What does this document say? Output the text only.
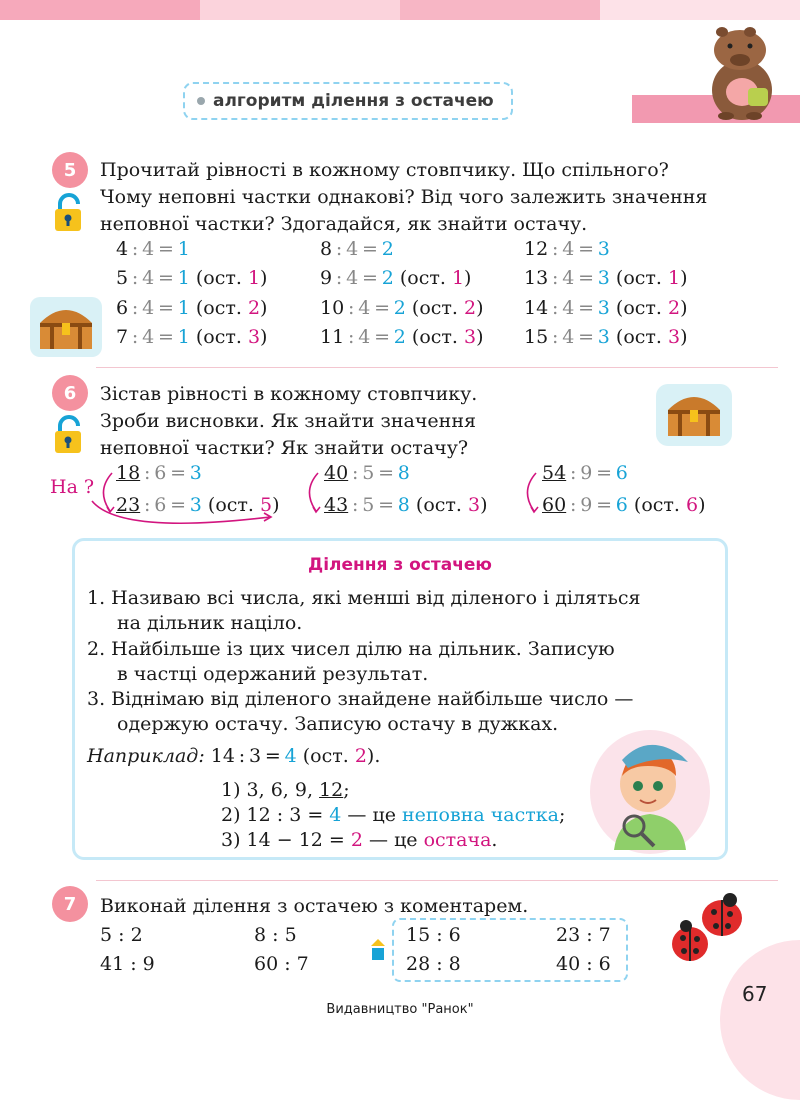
алгоритм ділення з остачею
5	Прочитай рівності в кожному стовпчику. Що спільного?
Чому неповні частки однакові? Від чого залежить значення
неповної частки? Здогадайся, як знайти остачу.
4 : 4 = 1
5 : 4 = 1 (ост. 1)
6 : 4 = 1 (ост. 2)
7 : 4 = 1 (ост. 3)
8 : 4 = 2
9 : 4 = 2 (ост. 1)
10 : 4 = 2 (ост. 2)
11 : 4 = 2 (ост. 3)
12 : 4 = 3
13 : 4 = 3 (ост. 1)
14 : 4 = 3 (ост. 2)
15 : 4 = 3 (ост. 3)
6	Зістав рівності в кожному стовпчику.
Зроби висновки. Як знайти значення
неповної частки? Як знайти остачу?
На ?
18 : 6 = 3
23 : 6 = 3 (ост. 5)
40 : 5 = 8
43 : 5 = 8 (ост. 3)
54 : 9 = 6
60 : 9 = 6 (ост. 6)
Ділення з остачею
1. Називаю всі числа, які менші від діленого і діляться
на дільник націло.
2. Найбільше із цих чисел ділю на дільник. Записую
в частці одержаний результат.
3. Віднімаю від діленого знайдене найбільше число —
одержую остачу. Записую остачу в дужках.
Наприклад: 14 : 3 = 4 (ост. 2).
1) 3, 6, 9, 12;
2) 12 : 3 = 4 — це неповна частка;
3) 14 − 12 = 2 — це остача.
7	Виконай ділення з остачею з коментарем.
5 : 2	8 : 5	15 : 6	23 : 7
41 : 9	60 : 7	28 : 8	40 : 6
67
Видавництво "Ранок"
